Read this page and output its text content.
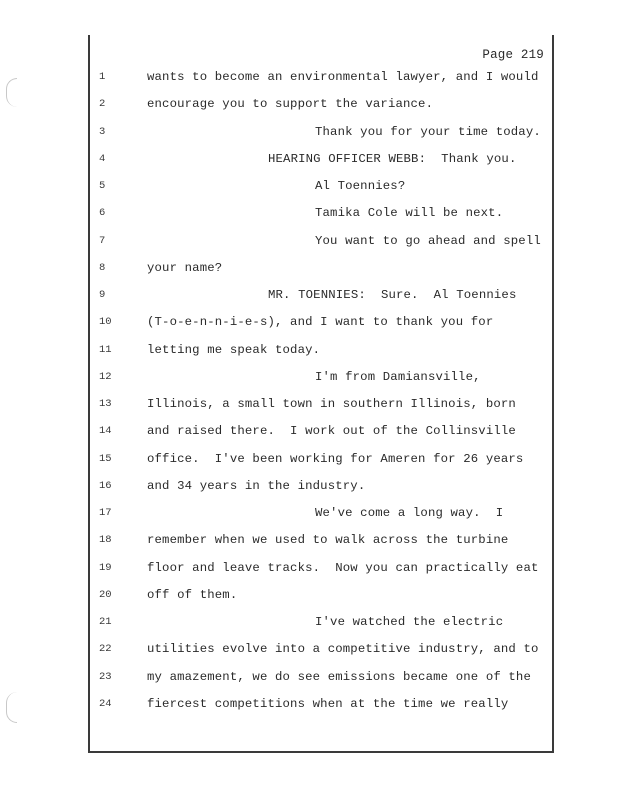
Page 219
1	wants to become an environmental lawyer, and I would
2	encourage you to support the variance.
3	Thank you for your time today.
4	HEARING OFFICER WEBB:  Thank you.
5	Al Toennies?
6	Tamika Cole will be next.
7	You want to go ahead and spell
8	your name?
9	MR. TOENNIES:  Sure.  Al Toennies
10	(T-o-e-n-n-i-e-s), and I want to thank you for
11	letting me speak today.
12	I'm from Damiansville,
13	Illinois, a small town in southern Illinois, born
14	and raised there.  I work out of the Collinsville
15	office.  I've been working for Ameren for 26 years
16	and 34 years in the industry.
17	We've come a long way.  I
18	remember when we used to walk across the turbine
19	floor and leave tracks.  Now you can practically eat
20	off of them.
21	I've watched the electric
22	utilities evolve into a competitive industry, and to
23	my amazement, we do see emissions became one of the
24	fiercest competitions when at the time we really
